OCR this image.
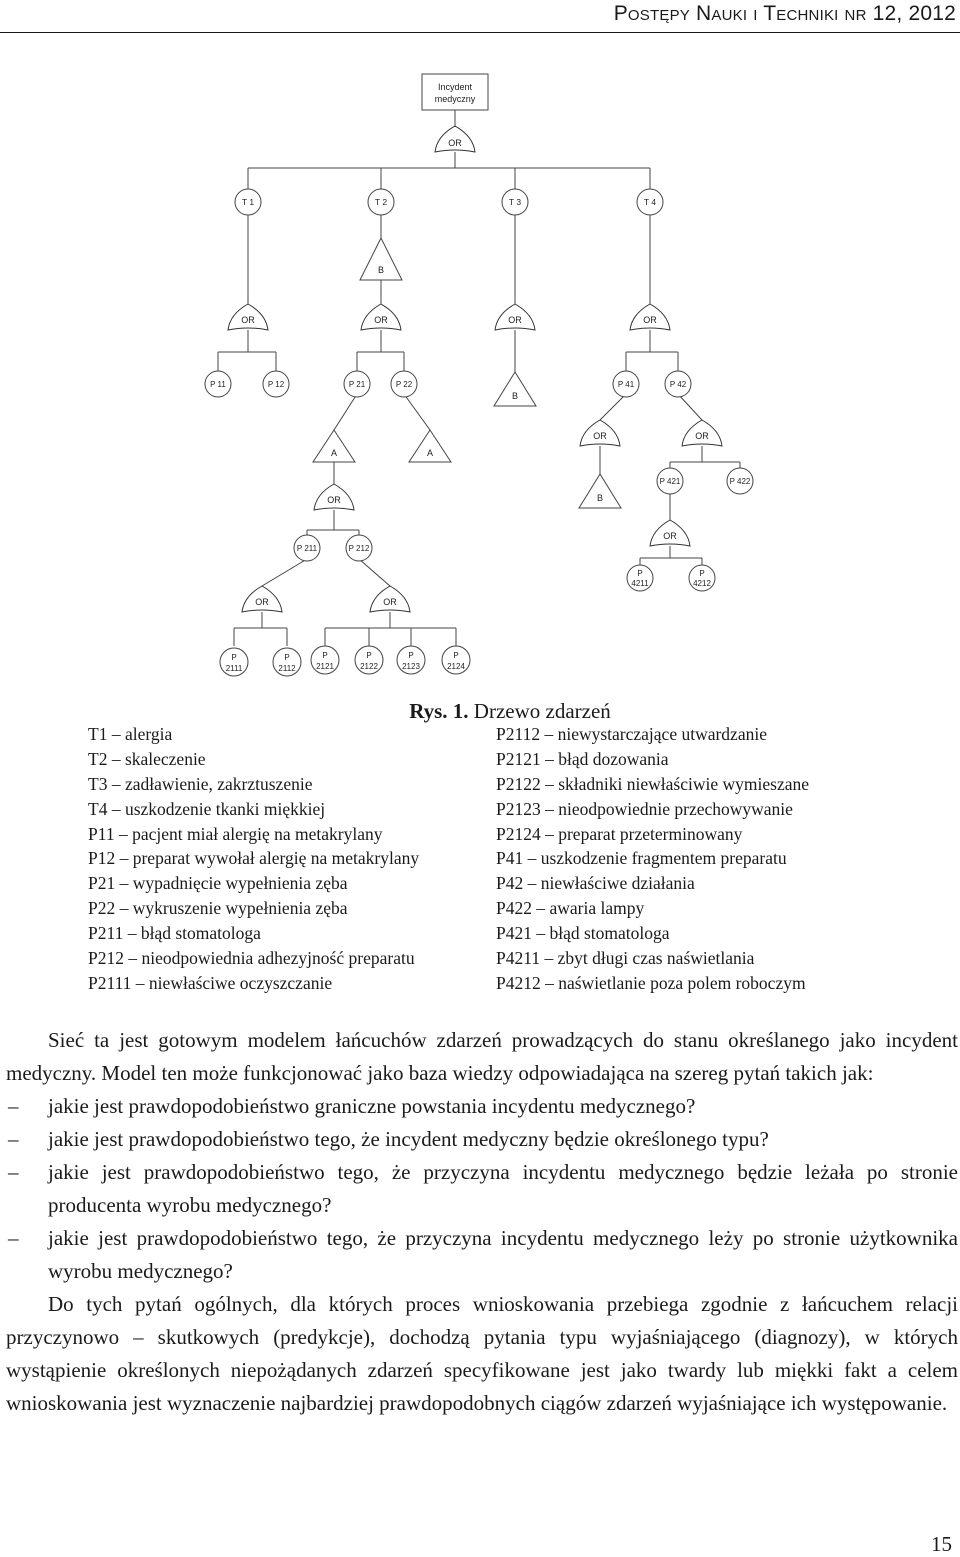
Postępy Nauki i Techniki nr 12, 2012
Incydent
medyczny
OR
OR	OR	OR	OR
OR
OR	OR
OR	OR
OR
B
B
A	A
B
T 1	T 2	T 3	T 4
P 11	P 12	P 21	P 22	P 41	P 42
P 421	P 422
P 211	P 212
P
4211
P
4212
P
2111
P
2112
P
2121
P
2122
P
2123
P
2124
Rys. 1. Drzewo zdarzeń
T1 – alergia
T2 – skaleczenie
T3 – zadławienie, zakrztuszenie
T4 – uszkodzenie tkanki miękkiej
P11 – pacjent miał alergię na metakrylany
P12 – preparat wywołał alergię na metakrylany
P21 – wypadnięcie wypełnienia zęba
P22 – wykruszenie wypełnienia zęba
P211 – błąd stomatologa
P212 – nieodpowiednia adhezyjność preparatu
P2111 – niewłaściwe oczyszczanie
P2112 – niewystarczające utwardzanie
P2121 – błąd dozowania
P2122 – składniki niewłaściwie wymieszane
P2123 – nieodpowiednie przechowywanie
P2124 – preparat przeterminowany
P41 – uszkodzenie fragmentem preparatu
P42 – niewłaściwe działania
P422 – awaria lampy
P421 – błąd stomatologa
P4211 – zbyt długi czas naświetlania
P4212 – naświetlanie poza polem roboczym

Sieć ta jest gotowym modelem łańcuchów zdarzeń prowadzących do stanu określanego jako incydent medyczny. Model ten może funkcjonować jako baza wiedzy odpowiadająca na szereg pytań takich jak:

– jakie jest prawdopodobieństwo graniczne powstania incydentu medycznego?

– jakie jest prawdopodobieństwo tego, że incydent medyczny będzie określonego typu?

– jakie jest prawdopodobieństwo tego, że przyczyna incydentu medycznego będzie leżała po stronie producenta wyrobu medycznego?

– jakie jest prawdopodobieństwo tego, że przyczyna incydentu medycznego leży po stronie użytkownika wyrobu medycznego?

Do tych pytań ogólnych, dla których proces wnioskowania przebiega zgodnie z łańcuchem relacji przyczynowo – skutkowych (predykcje), dochodzą pytania typu wyjaśniającego (diagnozy), w których wystąpienie określonych niepożądanych zdarzeń specyfikowane jest jako twardy lub miękki fakt a celem wnioskowania jest wyznaczenie najbardziej prawdopodobnych ciągów zdarzeń wyjaśniające ich występowanie.

15
